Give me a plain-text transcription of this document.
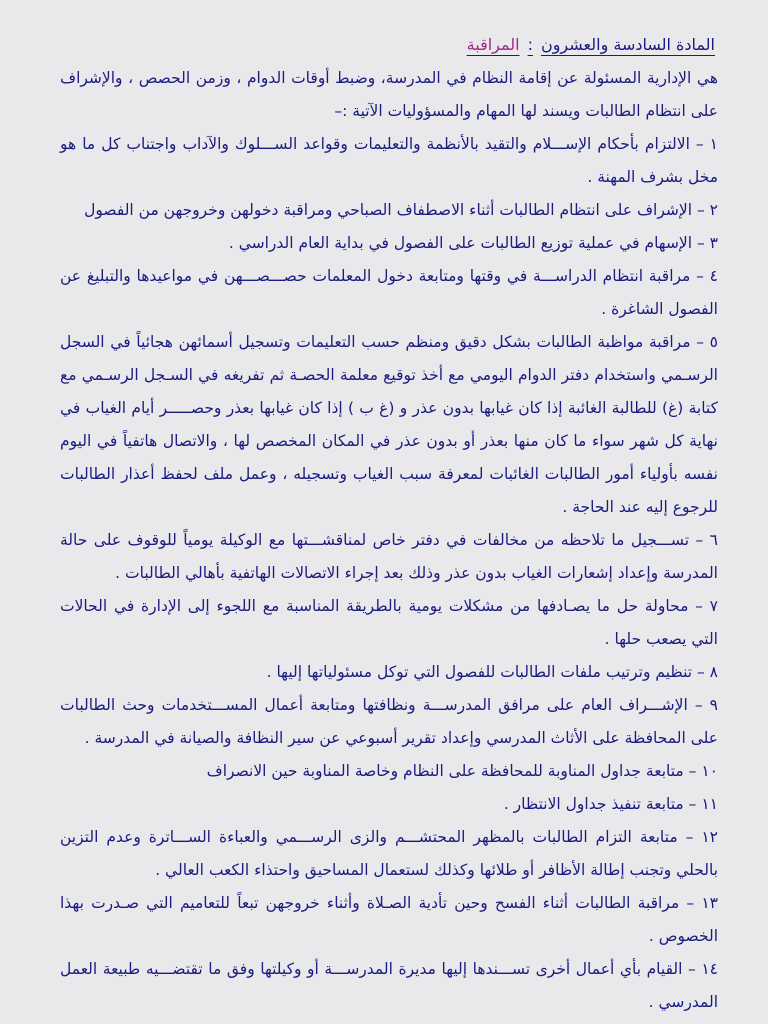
المادة السادسة والعشرون:المراقبة
هي الإدارية المسئولة عن إقامة النظام في المدرسة، وضبط أوقات الدوام ، وزمن الحصص ، والإشراف على انتظام الطالبات ويسند لها المهام والمسؤوليات الآتية :–
١ – الالتزام بأحكام الإســـلام والتقيد بالأنظمة والتعليمات وقواعد الســـلوك والآداب واجتناب كل ما هو مخل بشرف المهنة .
٢ – الإشراف على انتظام الطالبات أثناء الاصطفاف الصباحي ومراقبة دخولهن وخروجهن من الفصول
٣ – الإسهام في عملية توزيع الطالبات على الفصول في بداية العام الدراسي .
٤ – مراقبة انتظام الدراســـة في وقتها ومتابعة دخول المعلمات حصـــصـــهن في مواعيدها والتبليغ عن الفصول الشاغرة .
٥ – مراقبة مواظبة الطالبات بشكل دقيق ومنظم حسب التعليمات وتسجيل أسمائهن هجائياً في السجل الرسـمي واستخدام دفتر الدوام اليومي مع أخذ توقيع معلمة الحصـة ثم تفريغه في السـجل الرسـمي مع كتابة (غ) للطالبة الغائبة إذا كان غيابها بدون عذر و (غ ب ) إذا كان غيابها بعذر وحصـــــر أيام الغياب في نهاية كل شهر سواء ما كان منها بعذر أو بدون عذر في المكان المخصص لها ، والاتصال هاتفياً في اليوم نفسه بأولياء أمور الطالبات الغائبات لمعرفة سبب الغياب وتسجيله ، وعمل ملف لحفظ أعذار الطالبات للرجوع إليه عند الحاجة .
٦ – تســـجيل ما تلاحظه من مخالفات في دفتر خاص لمناقشـــتها مع الوكيلة يومياً للوقوف على حالة المدرسة وإعداد إشعارات الغياب بدون عذر وذلك بعد إجراء الاتصالات الهاتفية بأهالي الطالبات .
٧ – محاولة حل ما يصـادفها من مشكلات يومية بالطريقة المناسبة مع اللجوء إلى الإدارة في الحالات التي يصعب حلها .
٨ – تنظيم وترتيب ملفات الطالبات للفصول التي توكل مسئولياتها إليها .
٩ – الإشـــراف العام على مرافق المدرســـة ونظافتها ومتابعة أعمال المســـتخدمات وحث الطالبات على المحافظة على الأثاث المدرسي وإعداد تقرير أسبوعي عن سير النظافة والصيانة في المدرسة .
١٠ – متابعة جداول المناوبة للمحافظة على النظام وخاصة المناوبة حين الانصراف
١١ – متابعة تنفيذ جداول الانتظار .
١٢ – متابعة التزام الطالبات بالمظهر المحتشـــم والزى الرســـمي والعباءة الســـاترة وعدم التزين بالحلي وتجنب إطالة الأظافر أو طلائها وكذلك لستعمال المساحيق واحتذاء الكعب العالي .
١٣ – مراقبة الطالبات أثناء الفسح وحين تأدية الصـلاة وأثناء خروجهن تبعاً للتعاميم التي صـدرت بهذا الخصوص .
١٤ – القيام بأي أعمال أخرى تســـندها إليها مديرة المدرســـة أو وكيلتها وفق ما تقتضـــيه طبيعة العمل المدرسي .
